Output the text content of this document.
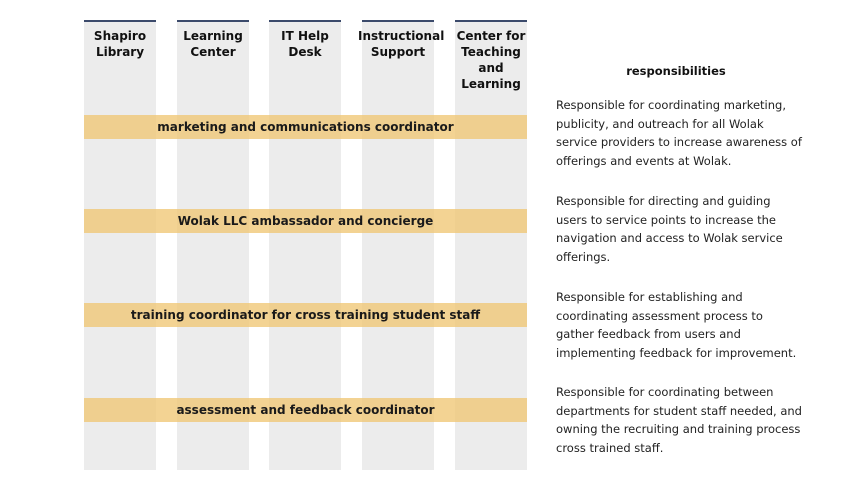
Shapiro Library
Learning Center
IT Help Desk
Instructional Support
Center for Teaching and Learning
marketing and communications coordinator
Wolak LLC ambassador and concierge
training coordinator for cross training student staff
assessment and feedback coordinator
responsibilities
Responsible for coordinating marketing, publicity, and outreach for all Wolak service providers to increase awareness of offerings and events at Wolak.
Responsible for directing and guiding users to service points to increase the navigation and access to Wolak service offerings.
Responsible for establishing and coordinating assessment process to gather feedback from users and implementing feedback for improvement.
Responsible for coordinating between departments for student staff needed, and owning the recruiting and training process cross trained staff.
